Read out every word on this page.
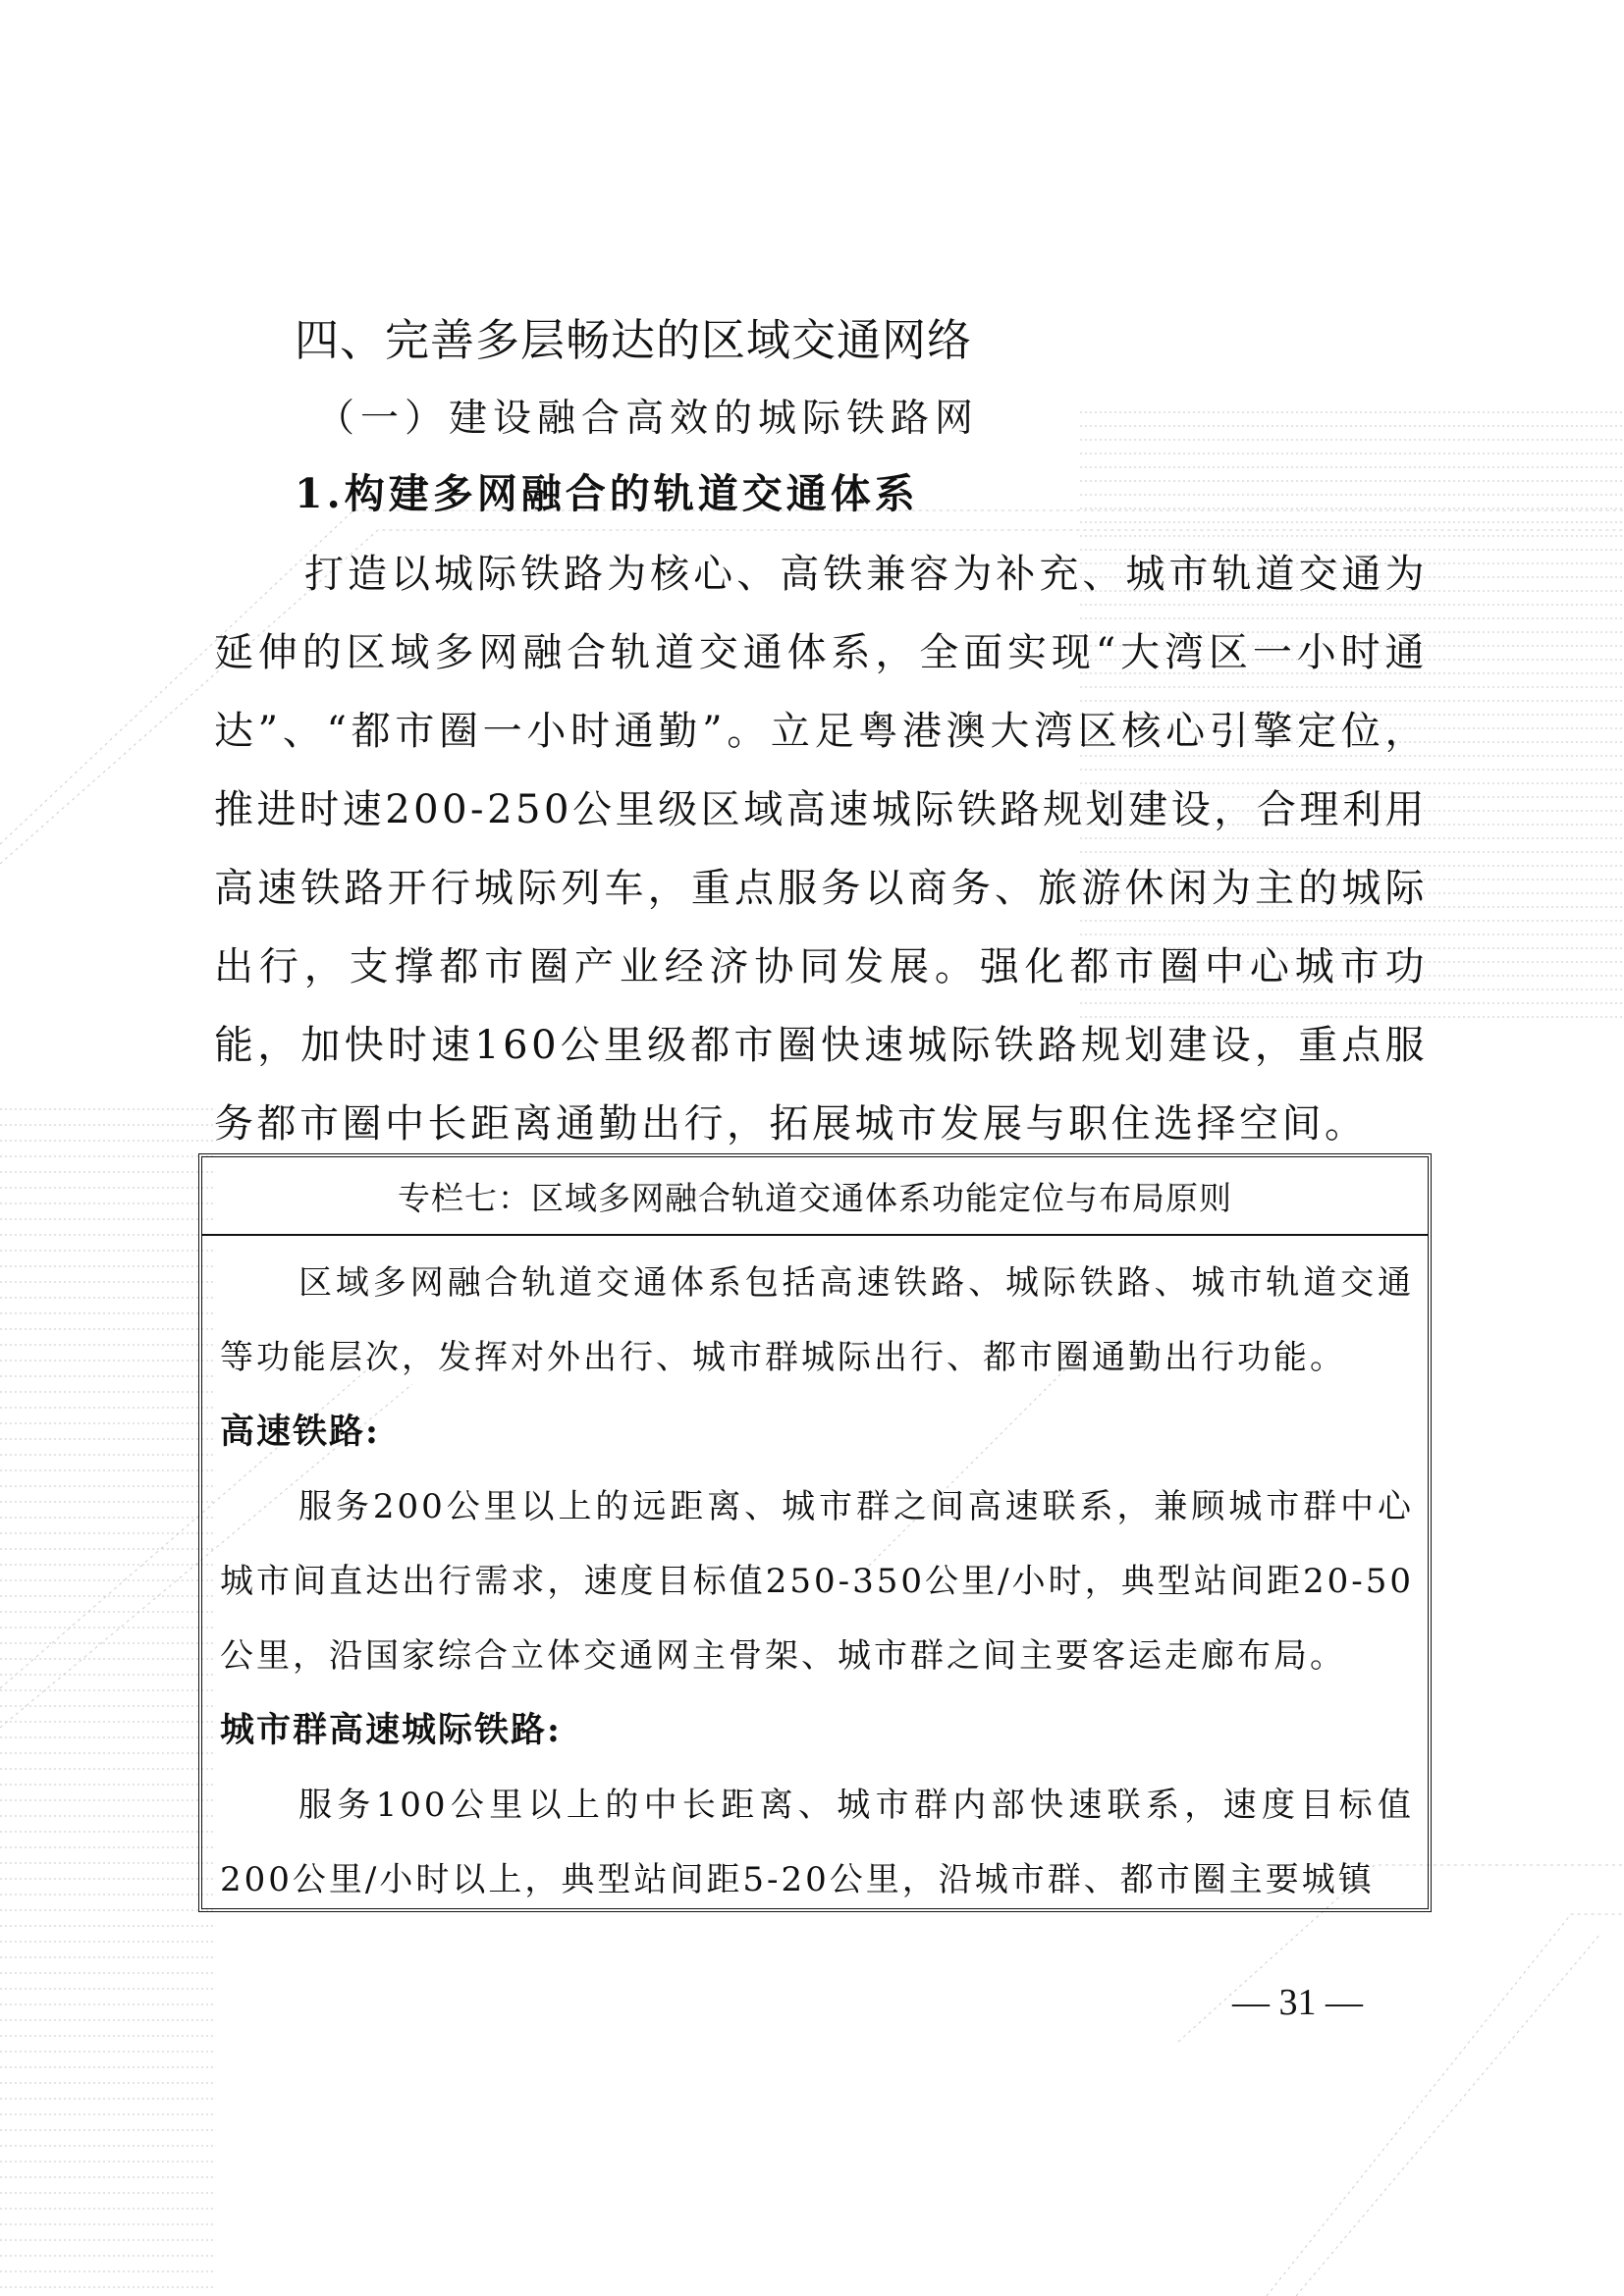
四、完善多层畅达的区域交通网络
（一）建设融合高效的城际铁路网
1.构建多网融合的轨道交通体系

打造以城际铁路为核心、高铁兼容为补充、城市轨道交通为延伸的区域多网融合轨道交通体系，全面实现“大湾区一小时通达”、“都市圈一小时通勤”。立足粤港澳大湾区核心引擎定位，推进时速200-250公里级区域高速城际铁路规划建设，合理利用高速铁路开行城际列车，重点服务以商务、旅游休闲为主的城际出行，支撑都市圈产业经济协同发展。强化都市圈中心城市功能，加快时速160公里级都市圈快速城际铁路规划建设，重点服务都市圈中长距离通勤出行，拓展城市发展与职住选择空间。

专栏七：区域多网融合轨道交通体系功能定位与布局原则

区域多网融合轨道交通体系包括高速铁路、城际铁路、城市轨道交通等功能层次，发挥对外出行、城市群城际出行、都市圈通勤出行功能。

高速铁路:

服务200公里以上的远距离、城市群之间高速联系，兼顾城市群中心城市间直达出行需求，速度目标值250-350公里/小时，典型站间距20-50公里，沿国家综合立体交通网主骨架、城市群之间主要客运走廊布局。

城市群高速城际铁路:

服务100公里以上的中长距离、城市群内部快速联系，速度目标值200公里/小时以上，典型站间距5-20公里，沿城市群、都市圈主要城镇

— 31 —
